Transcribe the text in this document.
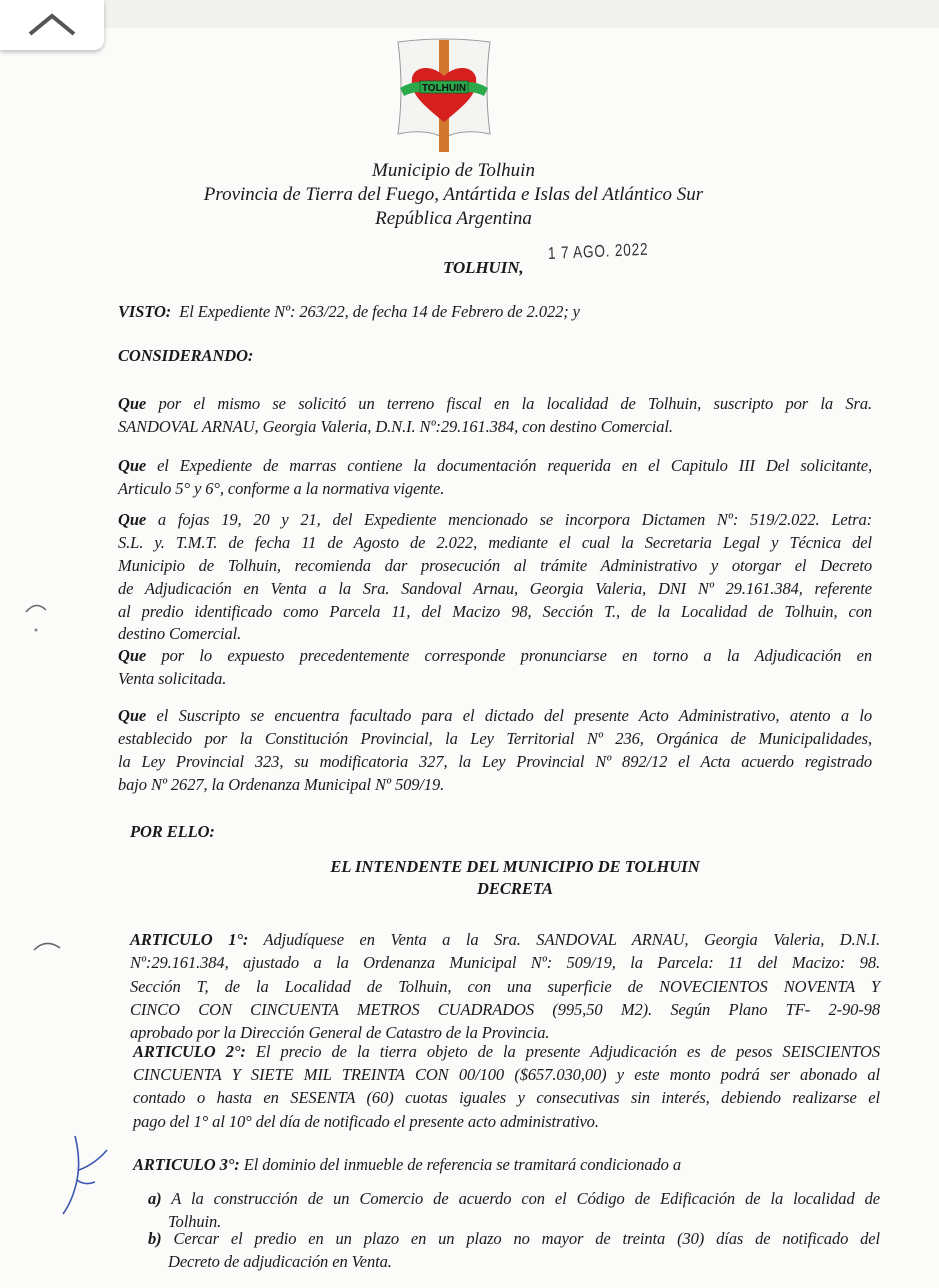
TOLHUIN
Municipio de Tolhuin
Provincia de Tierra del Fuego, Antártida e Islas del Atlántico Sur
República Argentina
TOLHUIN,
1 7 AGO. 2022
VISTO: El Expediente Nº: 263/22, de fecha 14 de Febrero de 2.022; y
CONSIDERANDO:
Que por el mismo se solicitó un terreno fiscal en la localidad de Tolhuin, suscripto por la Sra.
SANDOVAL ARNAU, Georgia Valeria, D.N.I. Nº:29.161.384, con destino Comercial.
Que el Expediente de marras contiene la documentación requerida en el Capitulo III Del solicitante,
Articulo 5° y 6°, conforme a la normativa vigente.
Que a fojas 19, 20 y 21, del Expediente mencionado se incorpora Dictamen Nº: 519/2.022. Letra:
S.L. y. T.M.T. de fecha 11 de Agosto de 2.022, mediante el cual la Secretaria Legal y Técnica del
Municipio de Tolhuin, recomienda dar prosecución al trámite Administrativo y otorgar el Decreto
de Adjudicación en Venta a la Sra. Sandoval Arnau, Georgia Valeria, DNI Nº 29.161.384, referente
al predio identificado como Parcela 11, del Macizo 98, Sección T., de la Localidad de Tolhuin, con
destino Comercial.
Que por lo expuesto precedentemente corresponde pronunciarse en torno a la Adjudicación en
Venta solicitada.
Que el Suscripto se encuentra facultado para el dictado del presente Acto Administrativo, atento a lo
establecido por la Constitución Provincial, la Ley Territorial Nº 236, Orgánica de Municipalidades,
la Ley Provincial 323, su modificatoria 327, la Ley Provincial Nº 892/12 el Acta acuerdo registrado
bajo Nº 2627, la Ordenanza Municipal Nº 509/19.
ARTICULO 1°: Adjudíquese en Venta a la Sra. SANDOVAL ARNAU, Georgia Valeria, D.N.I.
Nº:29.161.384, ajustado a la Ordenanza Municipal Nº: 509/19, la Parcela: 11 del Macizo: 98.
Sección T, de la Localidad de Tolhuin, con una superficie de NOVECIENTOS NOVENTA Y
CINCO CON CINCUENTA METROS CUADRADOS (995,50 M2). Según Plano TF- 2-90-98
aprobado por la Dirección General de Catastro de la Provincia.
ARTICULO 2°: El precio de la tierra objeto de la presente Adjudicación es de pesos SEISCIENTOS
CINCUENTA Y SIETE MIL TREINTA CON 00/100 ($657.030,00) y este monto podrá ser abonado al
contado o hasta en SESENTA (60) cuotas iguales y consecutivas sin interés, debiendo realizarse el
pago del 1° al 10° del día de notificado el presente acto administrativo.
ARTICULO 3°: El dominio del inmueble de referencia se tramitará condicionado a
a) A la construcción de un Comercio de acuerdo con el Código de Edificación de la localidad de
Tolhuin.
b) Cercar el predio en un plazo en un plazo no mayor de treinta (30) días de notificado del
Decreto de adjudicación en Venta.
POR ELLO:
EL INTENDENTE DEL MUNICIPIO DE TOLHUIN
DECRETA
